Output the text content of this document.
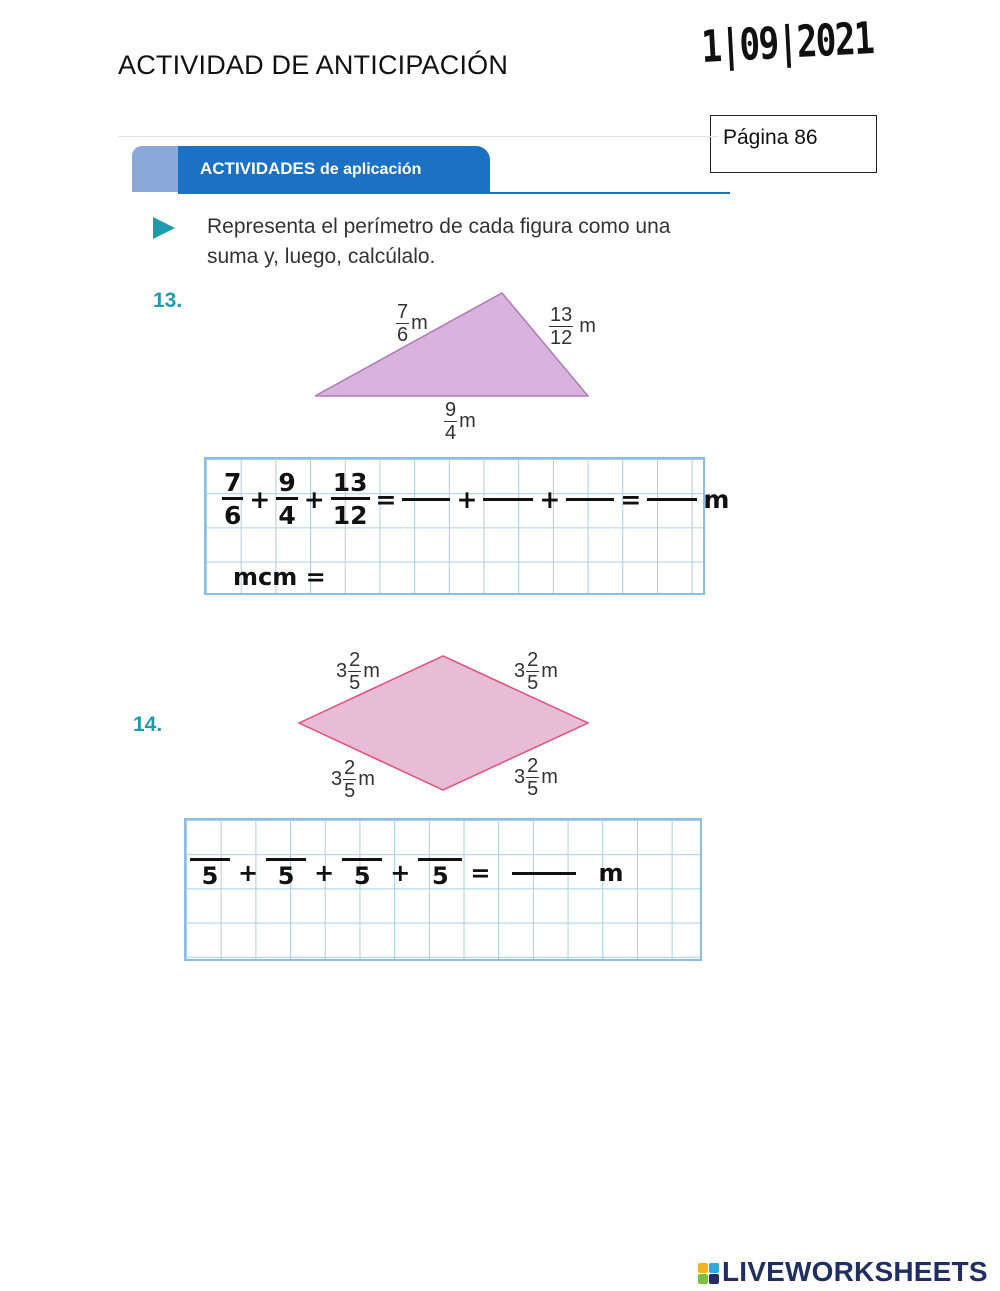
ACTIVIDAD DE ANTICIPACIÓN	1|09|2021
Página 86
ACTIVIDADES de aplicación
Representa el perímetro de cada figura como una suma y, luego, calcúlalo.
13.
$\frac{7}{6}$ m	$\frac{13}{12}$ m
$\frac{9}{4}$ m
7
6
+ $\frac{9}{4} + \frac{13}{12}$ = + + = m
mcm =
14.
$3 \frac{2}{5}$ m	$3 \frac{2}{5}$ m
$3 \frac{2}{5}$ m	$3 \frac{2}{5}$ m
5 + 5 + 5 + 5 =	m
LIVEWORKSHEETS
